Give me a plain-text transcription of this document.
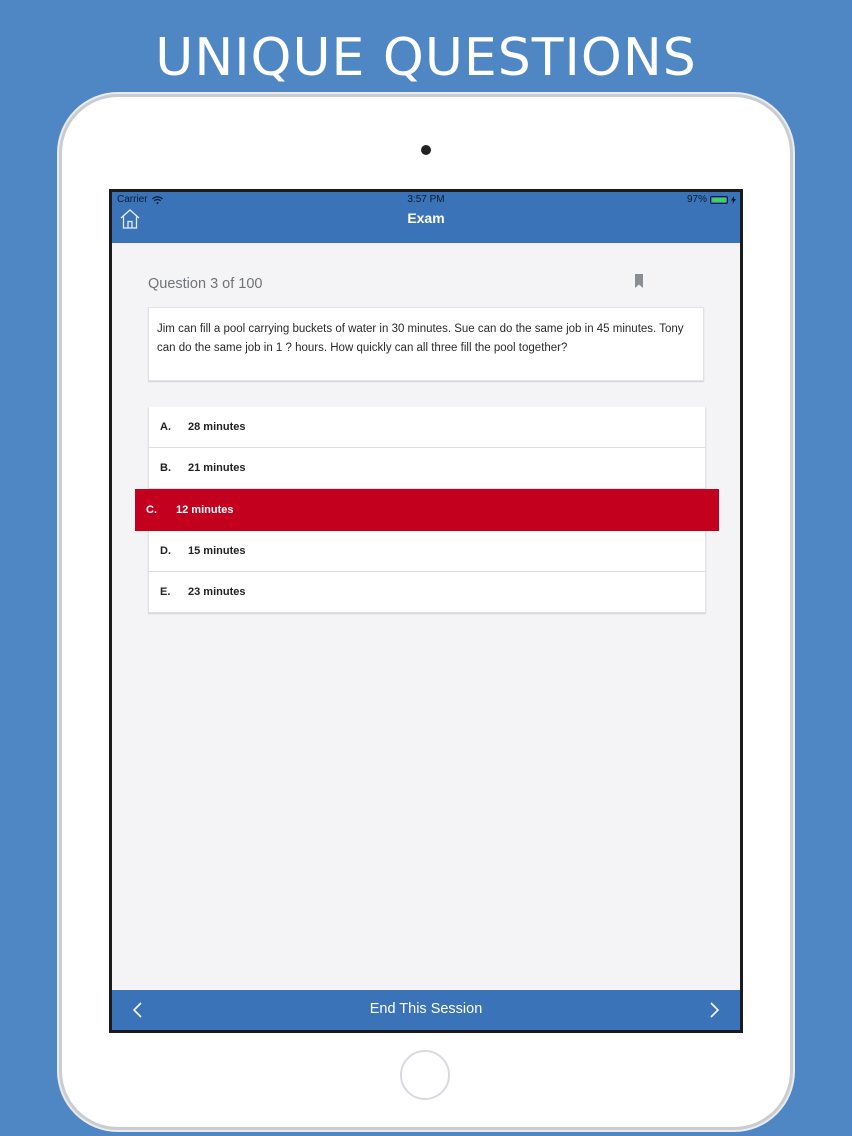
UNIQUE QUESTIONS
Carrier	3:57 PM	97%
Exam
Question 3 of 100
Jim can fill a pool carrying buckets of water in 30 minutes. Sue can do the same job in 45 minutes. Tony can do the same job in 1 ? hours. How quickly can all three fill the pool together?
A.	28 minutes
B.	21 minutes
C.	12 minutes
D.	15 minutes
E.	23 minutes
End This Session
